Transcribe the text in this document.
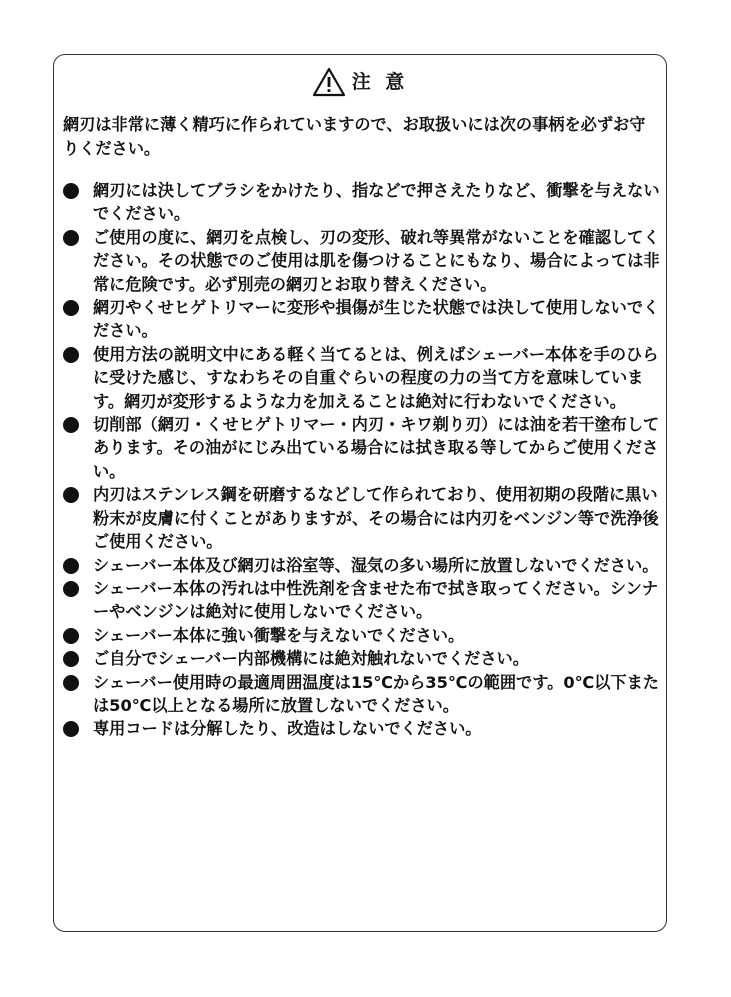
注 意
網刃は非常に薄く精巧に作られていますので、お取扱いには次の事柄を必ずお守りください。
網刃には決してブラシをかけたり、指などで押さえたりなど、衝撃を与えないでください。
ご使用の度に、網刃を点検し、刃の変形、破れ等異常がないことを確認してください。その状態でのご使用は肌を傷つけることにもなり、場合によっては非常に危険です。必ず別売の網刃とお取り替えください。
網刃やくせヒゲトリマーに変形や損傷が生じた状態では決して使用しないでください。
使用方法の説明文中にある軽く当てるとは、例えばシェーバー本体を手のひらに受けた感じ、すなわちその自重ぐらいの程度の力の当て方を意味しています。網刃が変形するような力を加えることは絶対に行わないでください。
切削部（網刃・くせヒゲトリマー・内刃・キワ剃り刃）には油を若干塗布してあります。その油がにじみ出ている場合には拭き取る等してからご使用ください。
内刃はステンレス鋼を研磨するなどして作られており、使用初期の段階に黒い粉末が皮膚に付くことがありますが、その場合には内刃をベンジン等で洗浄後ご使用ください。
シェーバー本体及び網刃は浴室等、湿気の多い場所に放置しないでください。
シェーバー本体の汚れは中性洗剤を含ませた布で拭き取ってください。シンナーやベンジンは絶対に使用しないでください。
シェーバー本体に強い衝撃を与えないでください。
ご自分でシェーバー内部機構には絶対触れないでください。
シェーバー使用時の最適周囲温度は15℃から35℃の範囲です。0℃以下または50℃以上となる場所に放置しないでください。
専用コードは分解したり、改造はしないでください。
